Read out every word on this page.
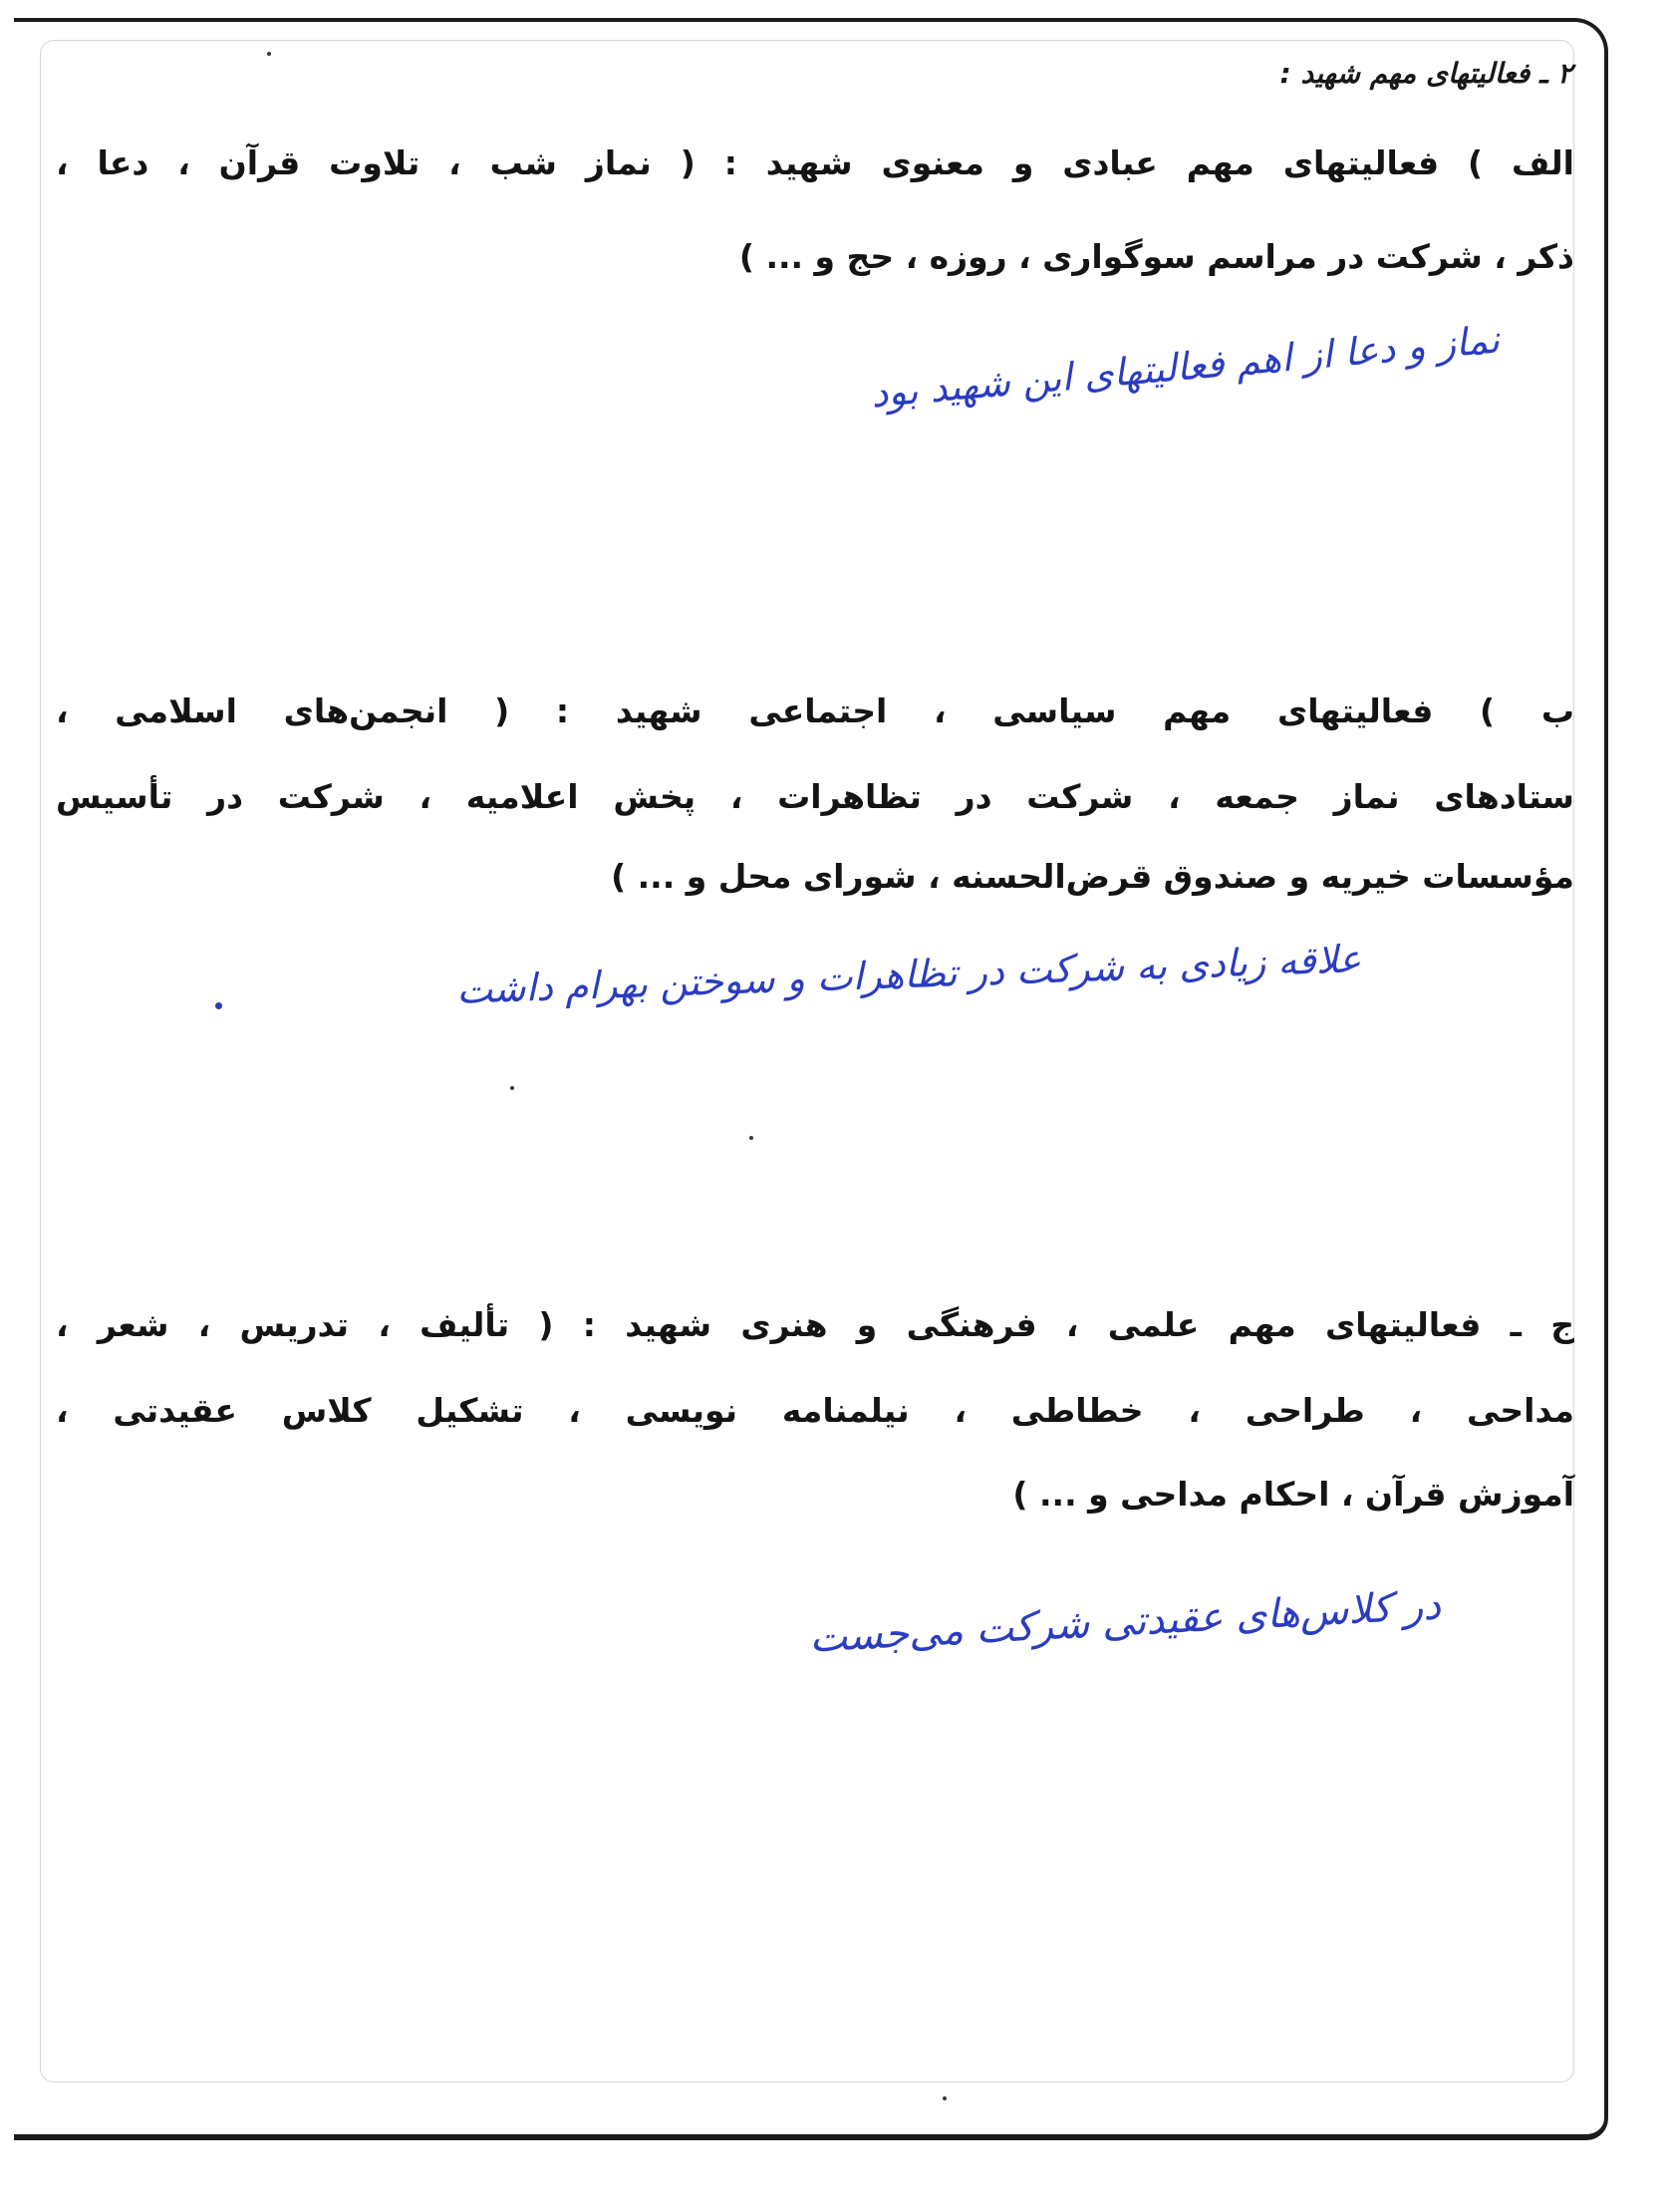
۲ ـ فعالیتهای مهم شهید :
الف ) فعالیتهای مهم عبادی و معنوی شهید : ( نماز شب ، تلاوت قرآن ، دعا ،
ذکر ، شرکت در مراسم سوگواری ، روزه ، حج و ... )
نماز و دعا از اهم فعالیتهای این شهید بود
ب ) فعالیتهای مهم سیاسی ، اجتماعی شهید : ( انجمن‌های اسلامی ،
ستادهای نماز جمعه ، شرکت در تظاهرات ، پخش اعلامیه ، شرکت در تأسیس
مؤسسات خیریه و صندوق قرض‌الحسنه ، شورای محل و ... )
علاقه زیادی به شرکت در تظاهرات و سوختن بهرام داشت
ج ـ فعالیتهای مهم علمی ، فرهنگی و هنری شهید : ( تألیف ، تدریس ، شعر ،
مداحی ، طراحی ، خطاطی ، نیلمنامه نویسی ، تشکیل کلاس عقیدتی ،
آموزش قرآن ، احکام مداحی و ... )
در کلاس‌های عقیدتی شرکت می‌جست
